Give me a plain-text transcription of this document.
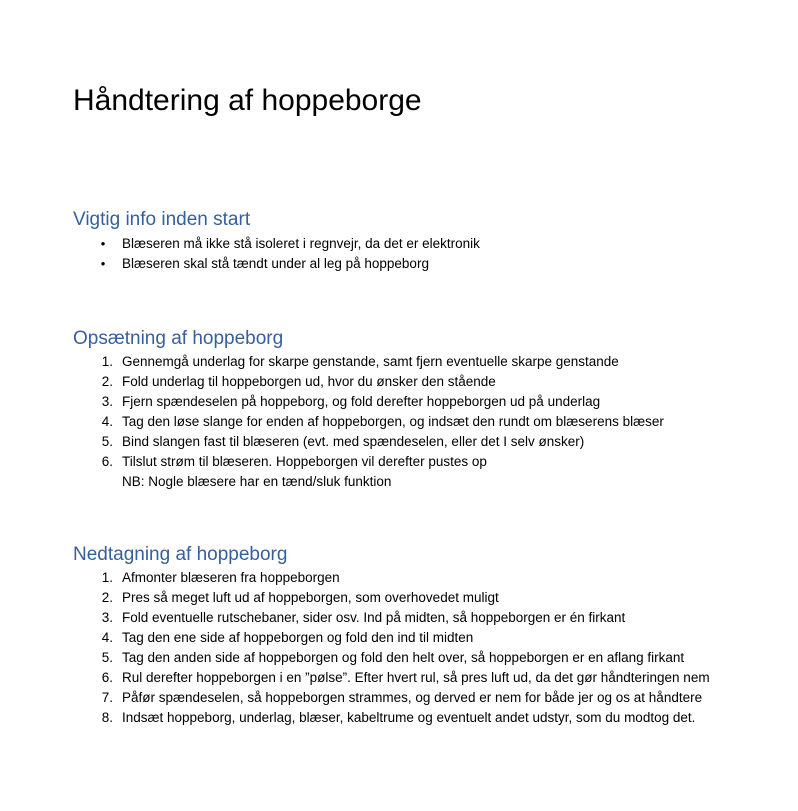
Håndtering af hoppeborge
Vigtig info inden start
• Blæseren må ikke stå isoleret i regnvejr, da det er elektronik
• Blæseren skal stå tændt under al leg på hoppeborg
Opsætning af hoppeborg
1. Gennemgå underlag for skarpe genstande, samt fjern eventuelle skarpe genstande
2. Fold underlag til hoppeborgen ud, hvor du ønsker den stående
3. Fjern spændeselen på hoppeborg, og fold derefter hoppeborgen ud på underlag
4. Tag den løse slange for enden af hoppeborgen, og indsæt den rundt om blæserens blæser
5. Bind slangen fast til blæseren (evt. med spændeselen, eller det I selv ønsker)
6. Tilslut strøm til blæseren. Hoppeborgen vil derefter pustes op
NB: Nogle blæsere har en tænd/sluk funktion
Nedtagning af hoppeborg
1. Afmonter blæseren fra hoppeborgen
2. Pres så meget luft ud af hoppeborgen, som overhovedet muligt
3. Fold eventuelle rutschebaner, sider osv. Ind på midten, så hoppeborgen er én firkant
4. Tag den ene side af hoppeborgen og fold den ind til midten
5. Tag den anden side af hoppeborgen og fold den helt over, så hoppeborgen er en aflang firkant
6. Rul derefter hoppeborgen i en ”pølse”. Efter hvert rul, så pres luft ud, da det gør håndteringen nem
7. Påfør spændeselen, så hoppeborgen strammes, og derved er nem for både jer og os at håndtere
8. Indsæt hoppeborg, underlag, blæser, kabeltrume og eventuelt andet udstyr, som du modtog det.
